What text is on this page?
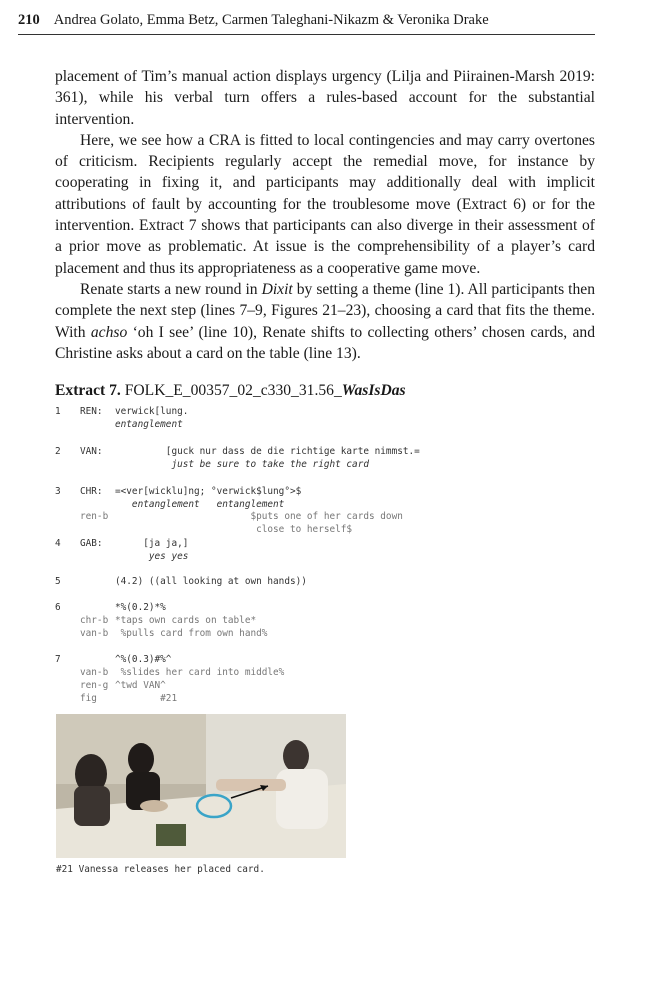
210 Andrea Golato, Emma Betz, Carmen Taleghani-Nikazm & Veronika Drake

placement of Tim’s manual action displays urgency (Lilja and Piirainen-Marsh 2019: 361), while his verbal turn offers a rules-based account for the substantial intervention.

Here, we see how a CRA is fitted to local contingencies and may carry overtones of criticism. Recipients regularly accept the remedial move, for instance by cooperating in fixing it, and participants may additionally deal with implicit attributions of fault by accounting for the troublesome move (Extract 6) or for the intervention. Extract 7 shows that participants can also diverge in their assessment of a prior move as problematic. At issue is the comprehensibility of a player’s card placement and thus its appropriateness as a cooperative game move.

Renate starts a new round in Dixit by setting a theme (line 1). All participants then complete the next step (lines 7–9, Figures 21–23), choosing a card that fits the theme. With achso ‘oh I see’ (line 10), Renate shifts to collecting others’ chosen cards, and Christine asks about a card on the table (line 13).

Extract 7. FOLK_E_00357_02_c330_31.56_WasIsDas
1 REN: verwick[lung.
entanglement
2 VAN: [guck nur dass de die richtige karte nimmst.=
just be sure to take the right card
3 CHR: =<ver[wicklu]ng; °verwick$lung°>$
entanglement   entanglement
ren-b $puts one of her cards down
close to herself$
4 GAB: [ja ja,]
yes yes
5	(4.2) ((all looking at own hands))
6	*%(0.2)*%
chr-b *taps own cards on table*
van-b %pulls card from own hand%
7	^%(0.3)#%^
van-b %slides her card into middle%
ren-g ^twd VAN^
fig #21
#21 Vanessa releases her placed card.
